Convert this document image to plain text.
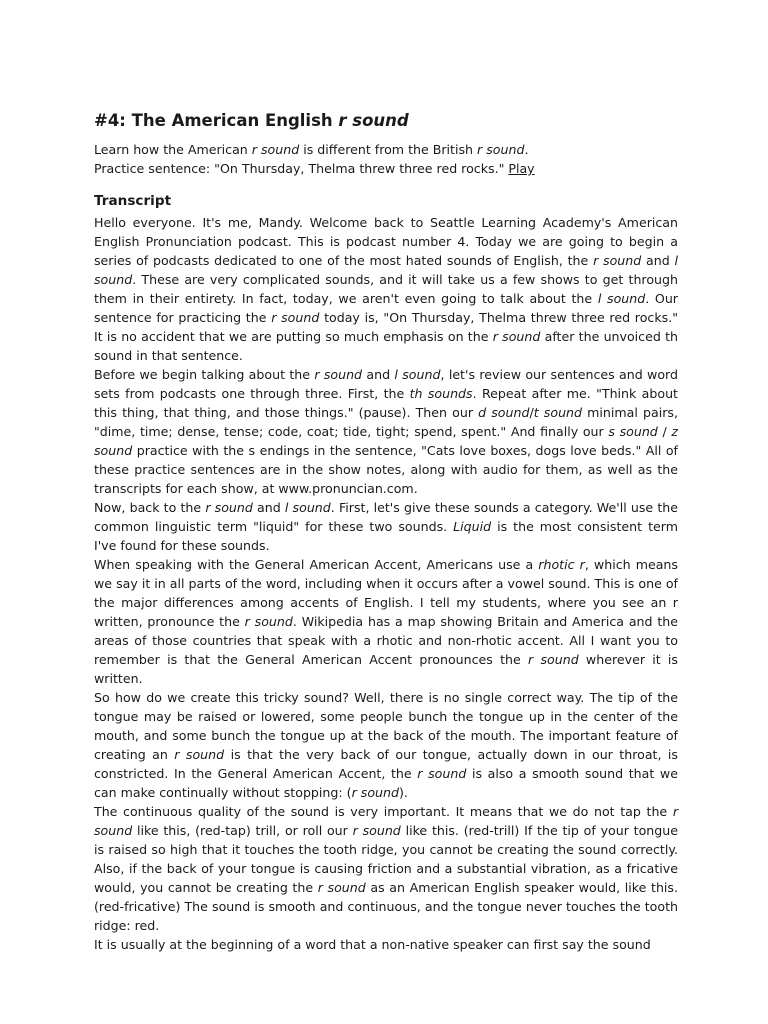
#4: The American English r sound

Learn how the American r sound is different from the British r sound.

Practice sentence: "On Thursday, Thelma threw three red rocks." Play

Transcript

Hello everyone. It's me, Mandy. Welcome back to Seattle Learning Academy's American English Pronunciation podcast. This is podcast number 4. Today we are going to begin a series of podcasts dedicated to one of the most hated sounds of English, the r sound and l sound. These are very complicated sounds, and it will take us a few shows to get through them in their entirety. In fact, today, we aren't even going to talk about the l sound. Our sentence for practicing the r sound today is, "On Thursday, Thelma threw three red rocks." It is no accident that we are putting so much emphasis on the r sound after the unvoiced th sound in that sentence.

Before we begin talking about the r sound and l sound, let's review our sentences and word sets from podcasts one through three. First, the th sounds. Repeat after me. "Think about this thing, that thing, and those things." (pause). Then our d sound/t sound minimal pairs, "dime, time; dense, tense; code, coat; tide, tight; spend, spent." And finally our s sound / z sound practice with the s endings in the sentence, "Cats love boxes, dogs love beds." All of these practice sentences are in the show notes, along with audio for them, as well as the transcripts for each show, at www.pronuncian.com.

Now, back to the r sound and l sound. First, let's give these sounds a category. We'll use the common linguistic term "liquid" for these two sounds. Liquid is the most consistent term I've found for these sounds.

When speaking with the General American Accent, Americans use a rhotic r, which means we say it in all parts of the word, including when it occurs after a vowel sound. This is one of the major differences among accents of English. I tell my students, where you see an r written, pronounce the r sound. Wikipedia has a map showing Britain and America and the areas of those countries that speak with a rhotic and non-rhotic accent. All I want you to remember is that the General American Accent pronounces the r sound wherever it is written.

So how do we create this tricky sound? Well, there is no single correct way. The tip of the tongue may be raised or lowered, some people bunch the tongue up in the center of the mouth, and some bunch the tongue up at the back of the mouth. The important feature of creating an r sound is that the very back of our tongue, actually down in our throat, is constricted. In the General American Accent, the r sound is also a smooth sound that we can make continually without stopping: (r sound).

The continuous quality of the sound is very important. It means that we do not tap the r sound like this, (red-tap) trill, or roll our r sound like this. (red-trill) If the tip of your tongue is raised so high that it touches the tooth ridge, you cannot be creating the sound correctly. Also, if the back of your tongue is causing friction and a substantial vibration, as a fricative would, you cannot be creating the r sound as an American English speaker would, like this. (red-fricative) The sound is smooth and continuous, and the tongue never touches the tooth ridge: red.

It is usually at the beginning of a word that a non-native speaker can first say the sound
